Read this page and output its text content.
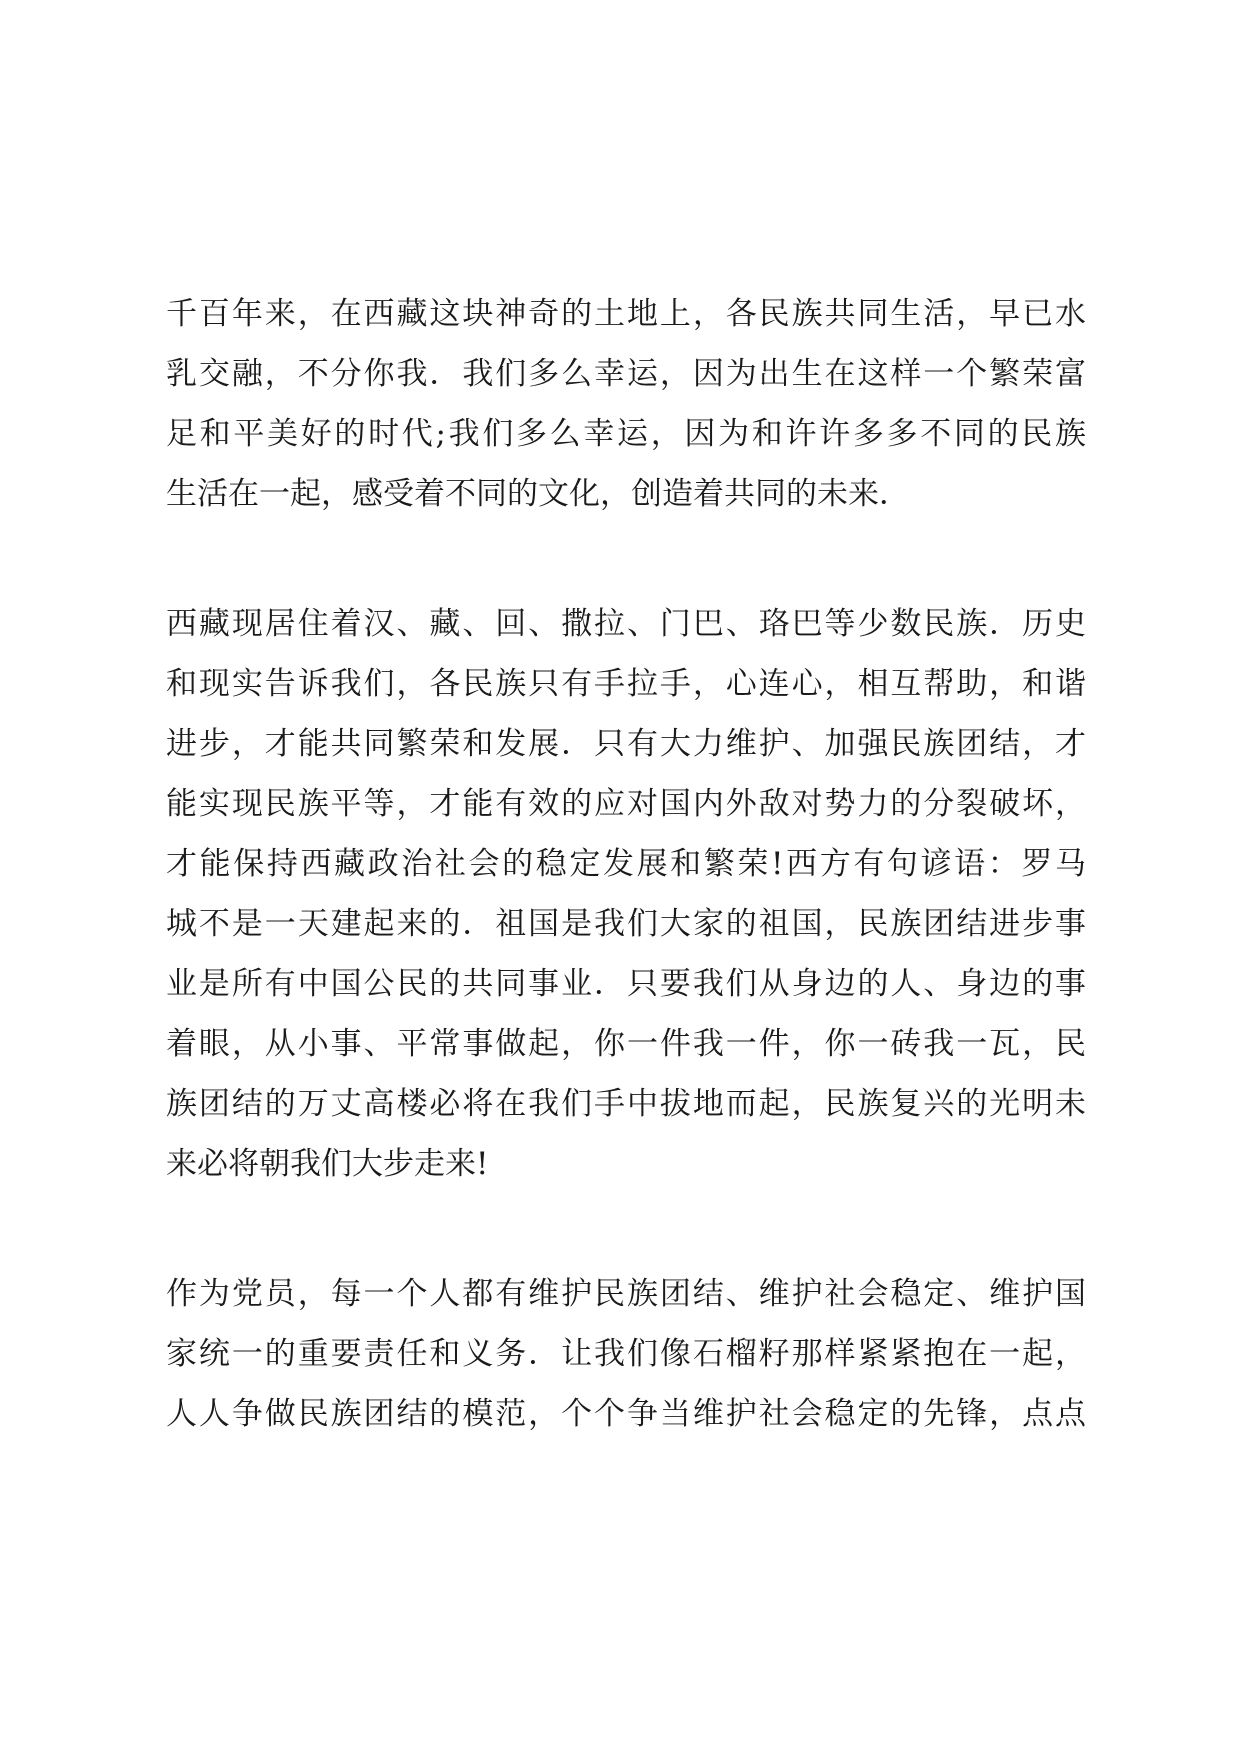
千百年来，在西藏这块神奇的土地上，各民族共同生活，早已水
乳交融，不分你我．我们多么幸运，因为出生在这样一个繁荣富
足和平美好的时代;我们多么幸运，因为和许许多多不同的民族
生活在一起，感受着不同的文化，创造着共同的未来．
西藏现居住着汉、藏、回、撒拉、门巴、珞巴等少数民族．历史
和现实告诉我们，各民族只有手拉手，心连心，相互帮助，和谐
进步，才能共同繁荣和发展．只有大力维护、加强民族团结，才
能实现民族平等，才能有效的应对国内外敌对势力的分裂破坏，
才能保持西藏政治社会的稳定发展和繁荣!西方有句谚语：罗马
城不是一天建起来的．祖国是我们大家的祖国，民族团结进步事
业是所有中国公民的共同事业．只要我们从身边的人、身边的事
着眼，从小事、平常事做起，你一件我一件，你一砖我一瓦，民
族团结的万丈高楼必将在我们手中拔地而起，民族复兴的光明未
来必将朝我们大步走来!
作为党员，每一个人都有维护民族团结、维护社会稳定、维护国
家统一的重要责任和义务．让我们像石榴籽那样紧紧抱在一起，
人人争做民族团结的模范，个个争当维护社会稳定的先锋，点点
